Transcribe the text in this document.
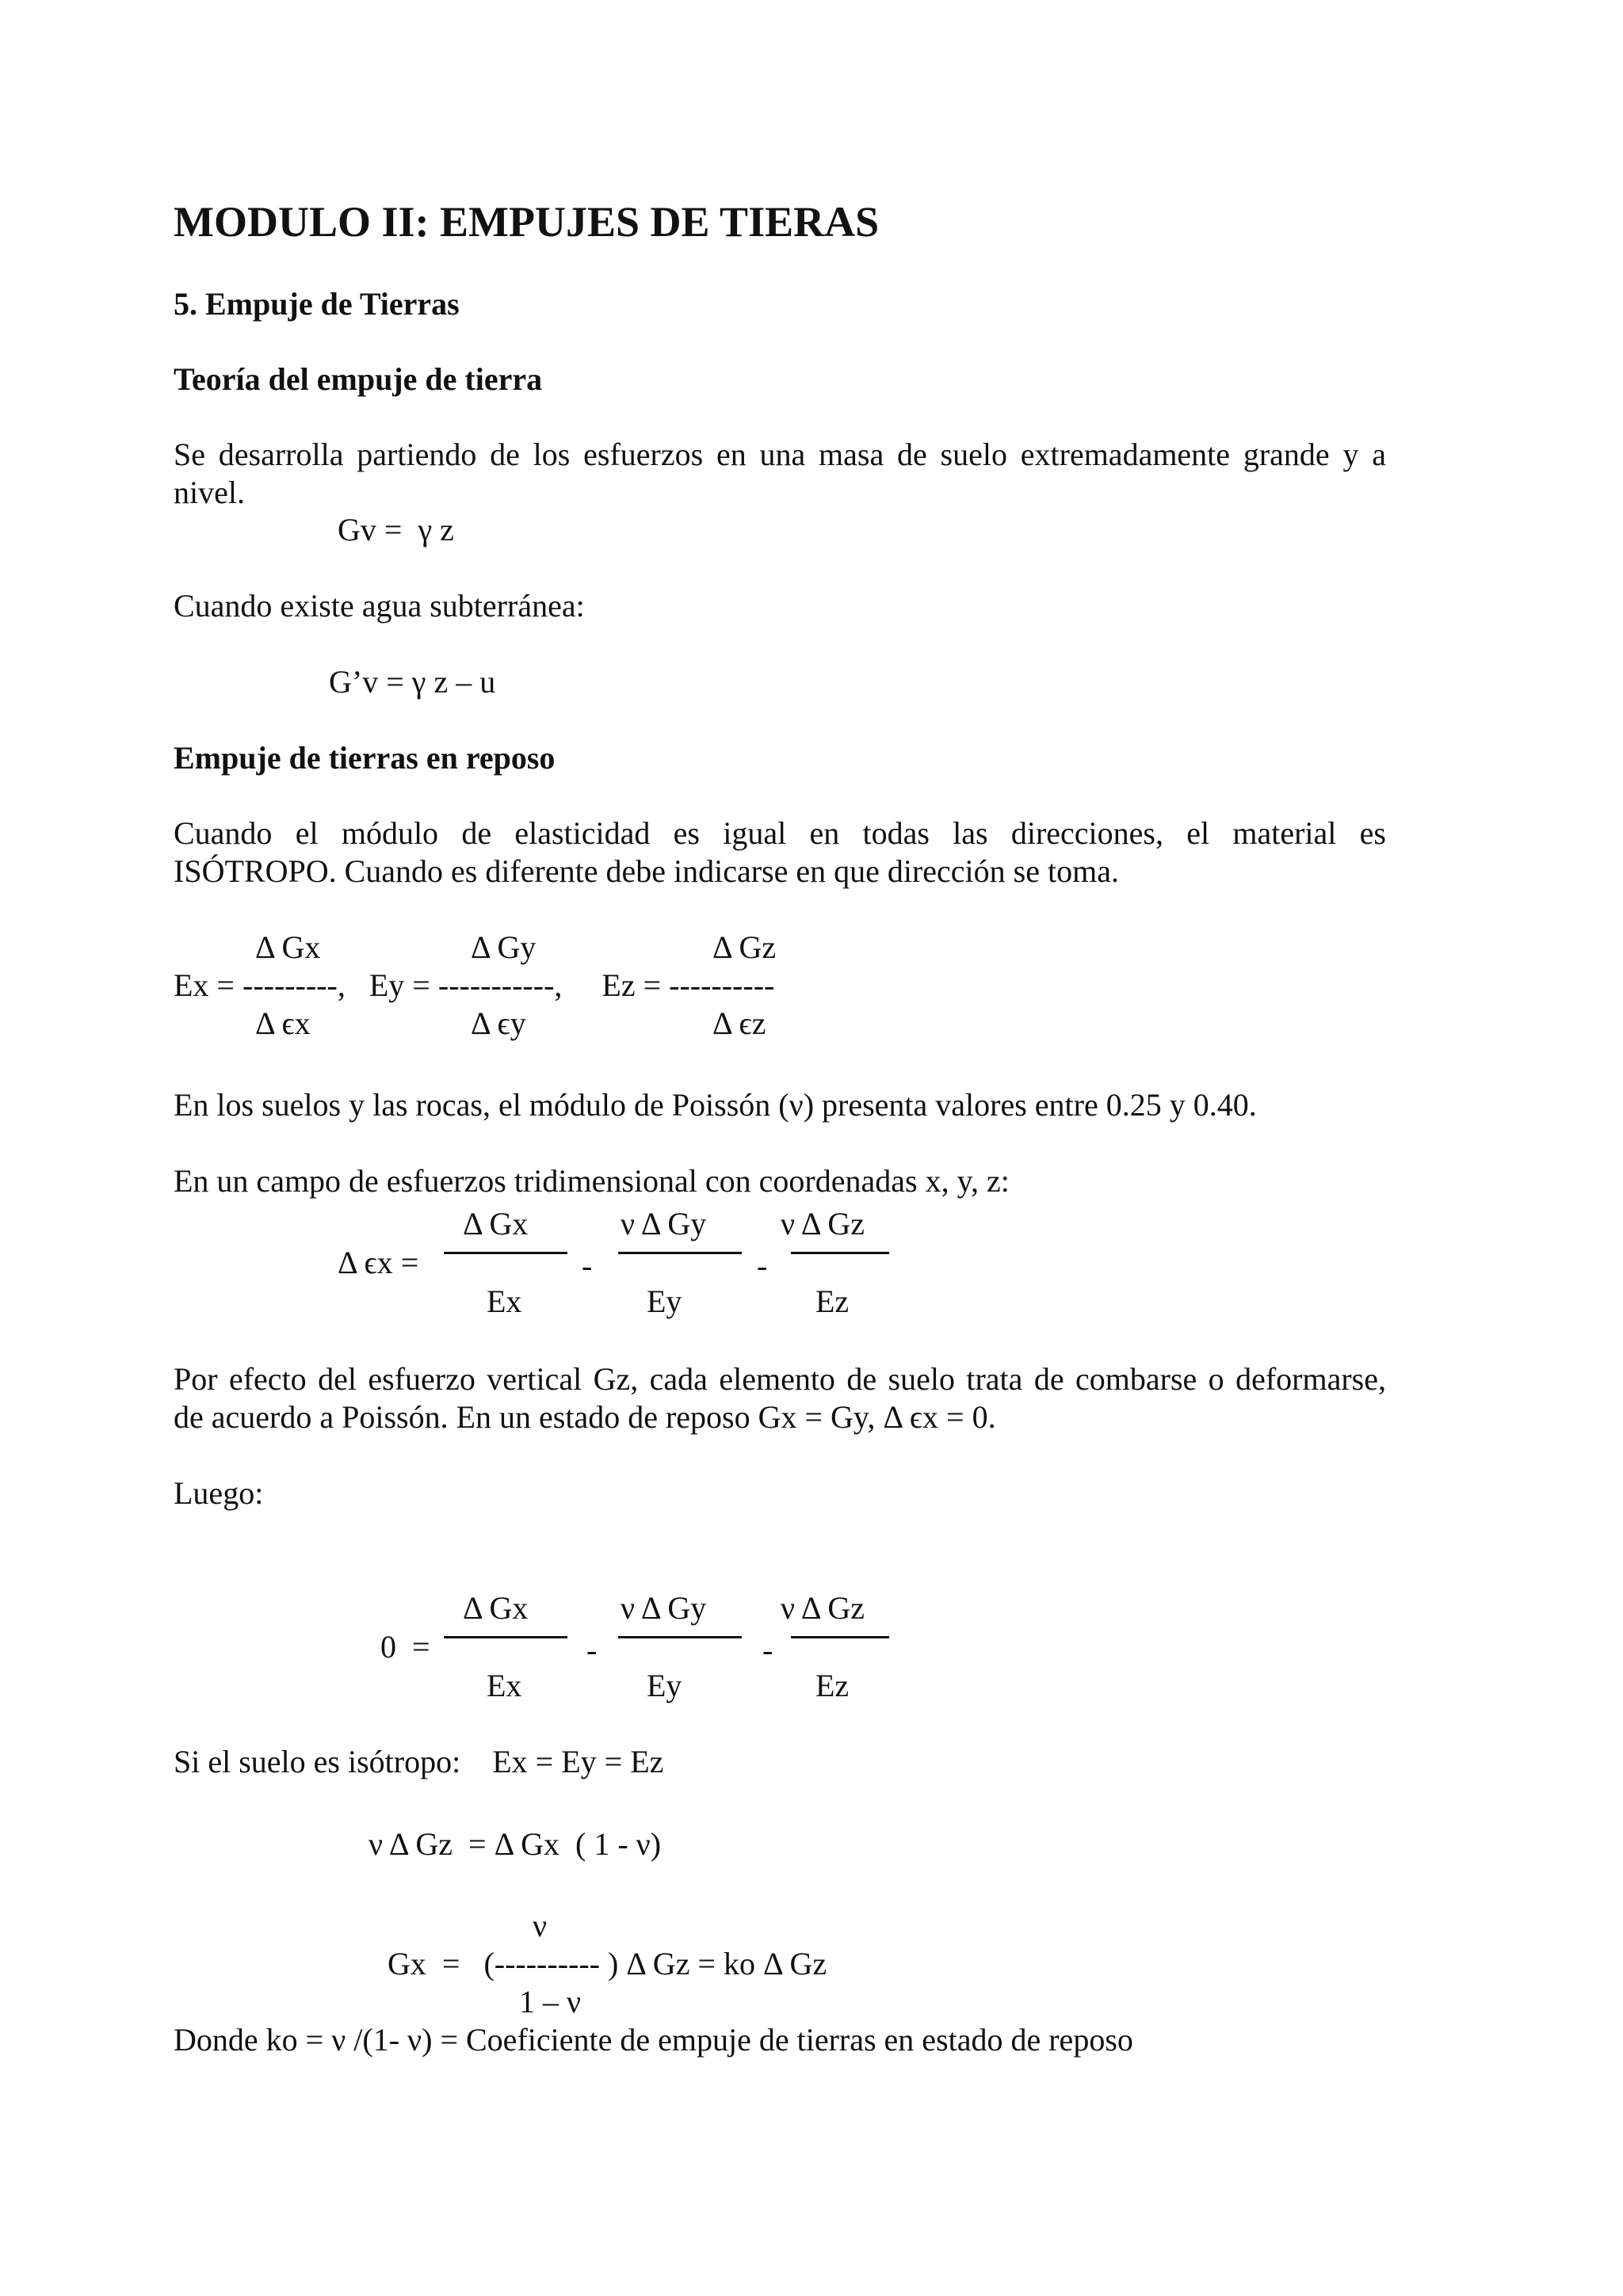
MODULO II: EMPUJES DE TIERAS
5. Empuje de Tierras
Teoría del empuje de tierra
Se desarrolla partiendo de los esfuerzos en una masa de suelo extremadamente grande y a
nivel.
Gv =  γ z
Cuando existe agua subterránea:
G’v = γ z – u
Empuje de tierras en reposo
Cuando el módulo de elasticidad es igual en todas las direcciones, el material es
ISÓTROPO. Cuando es diferente debe indicarse en que dirección se toma.
Δ Gx	Δ Gy	Δ Gz
Ex = ---------,   Ey = -----------,     Ez = ----------
Δ ϵx	Δ ϵy	Δ ϵz
En los suelos y las rocas, el módulo de Poissón (ν) presenta valores entre 0.25 y 0.40.
En un campo de esfuerzos tridimensional con coordenadas x, y, z:
Δ Gx	ν Δ Gy ν Δ Gz
Δ ϵx =	-	-
Ex	Ey	Ez
Por efecto del esfuerzo vertical Gz, cada elemento de suelo trata de combarse o deformarse,
de acuerdo a Poissón. En un estado de reposo Gx = Gy, Δ ϵx = 0.
Luego:
Δ Gx	ν Δ Gy ν Δ Gz
0  =	-	-
Ex	Ey	Ez
Si el suelo es isótropo:    Ex = Ey = Ez
ν Δ Gz  = Δ Gx  ( 1 - ν)
ν
Gx  =   (---------- ) Δ Gz = ko Δ Gz
1 – ν
Donde ko = ν /(1- ν) = Coeficiente de empuje de tierras en estado de reposo
